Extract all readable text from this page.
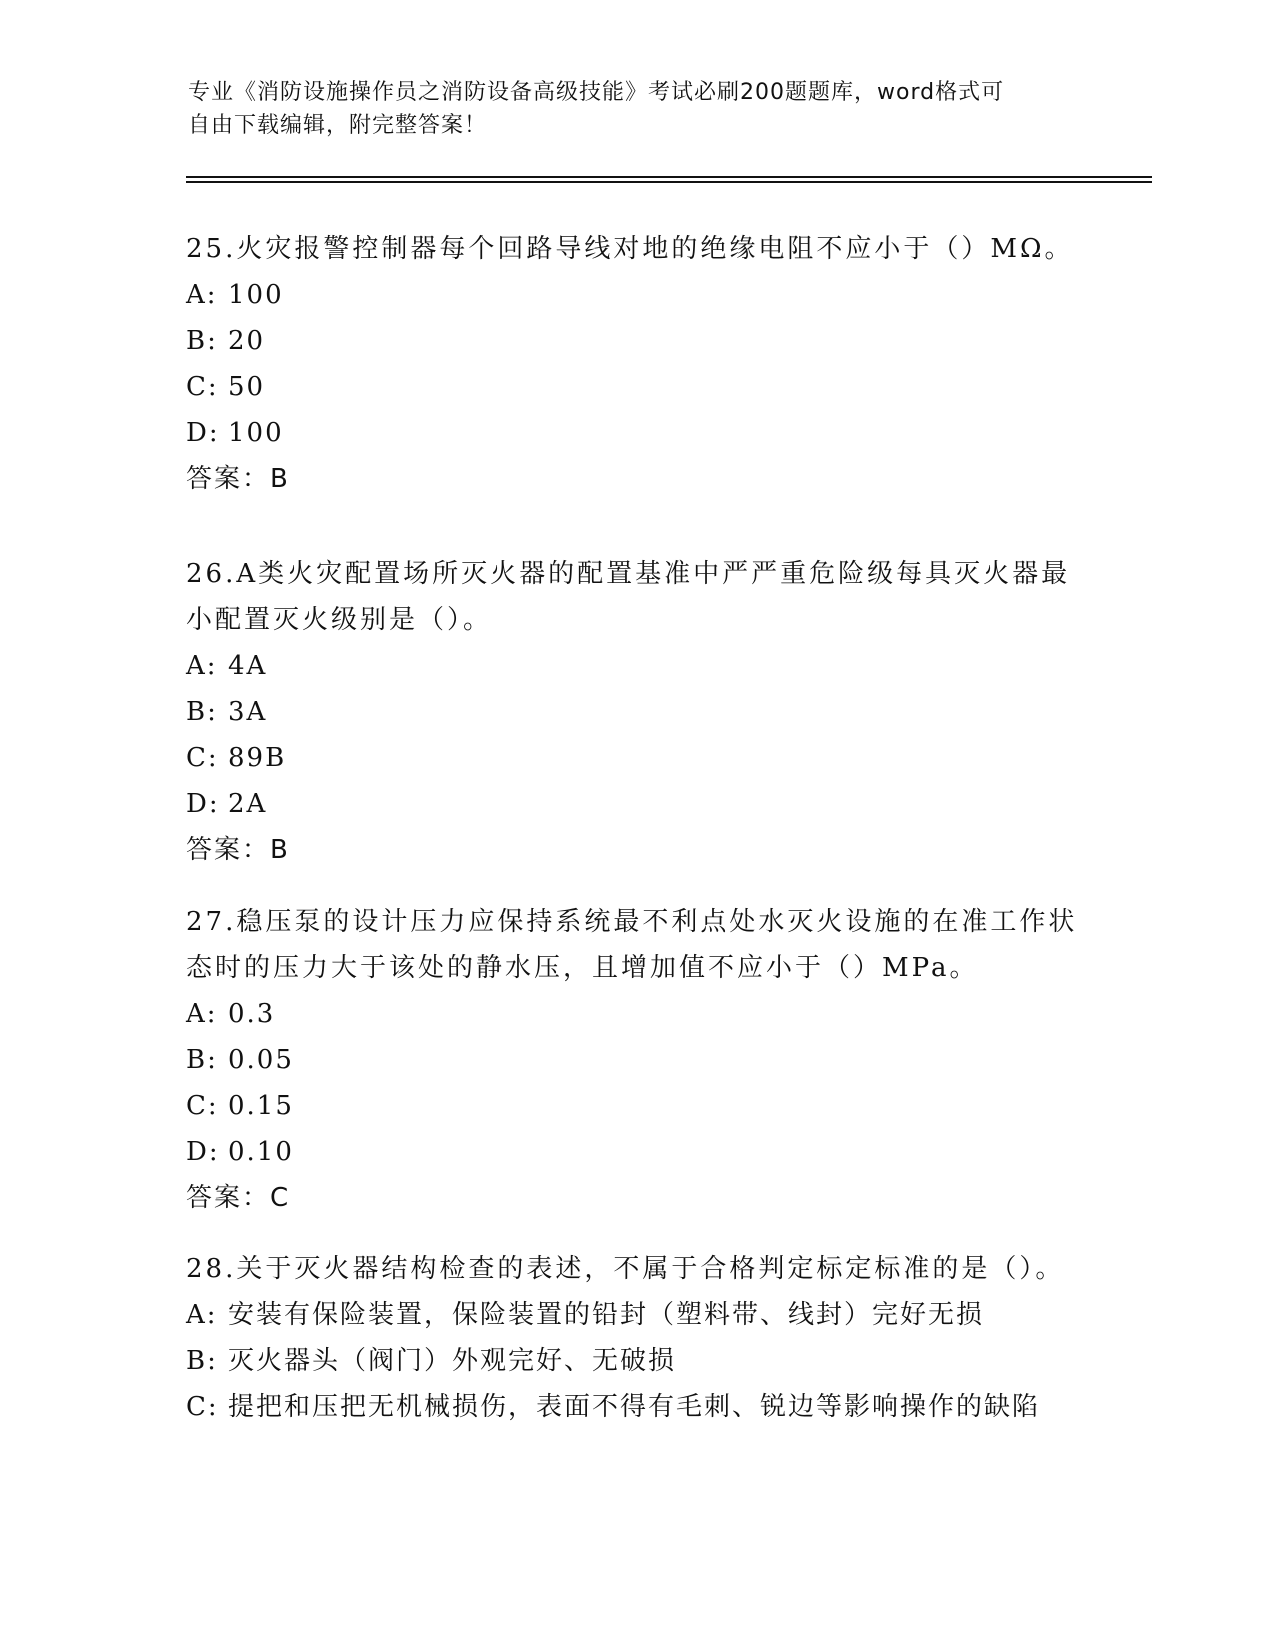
专业《消防设施操作员之消防设备高级技能》考试必刷200题题库，word格式可
自由下载编辑，附完整答案！
25.火灾报警控制器每个回路导线对地的绝缘电阻不应小于（）MΩ。
A: 100
B: 20
C: 50
D: 100
答案：B
26.A类火灾配置场所灭火器的配置基准中严严重危险级每具灭火器最
小配置灭火级别是（）。
A: 4A
B: 3A
C: 89B
D: 2A
答案：B
27.稳压泵的设计压力应保持系统最不利点处水灭火设施的在准工作状
态时的压力大于该处的静水压，且增加值不应小于（）MPa。
A: 0.3
B: 0.05
C: 0.15
D: 0.10
答案：C
28.关于灭火器结构检查的表述，不属于合格判定标定标准的是（）。
A: 安装有保险装置，保险装置的铅封（塑料带、线封）完好无损
B: 灭火器头（阀门）外观完好、无破损
C: 提把和压把无机械损伤，表面不得有毛刺、锐边等影响操作的缺陷
